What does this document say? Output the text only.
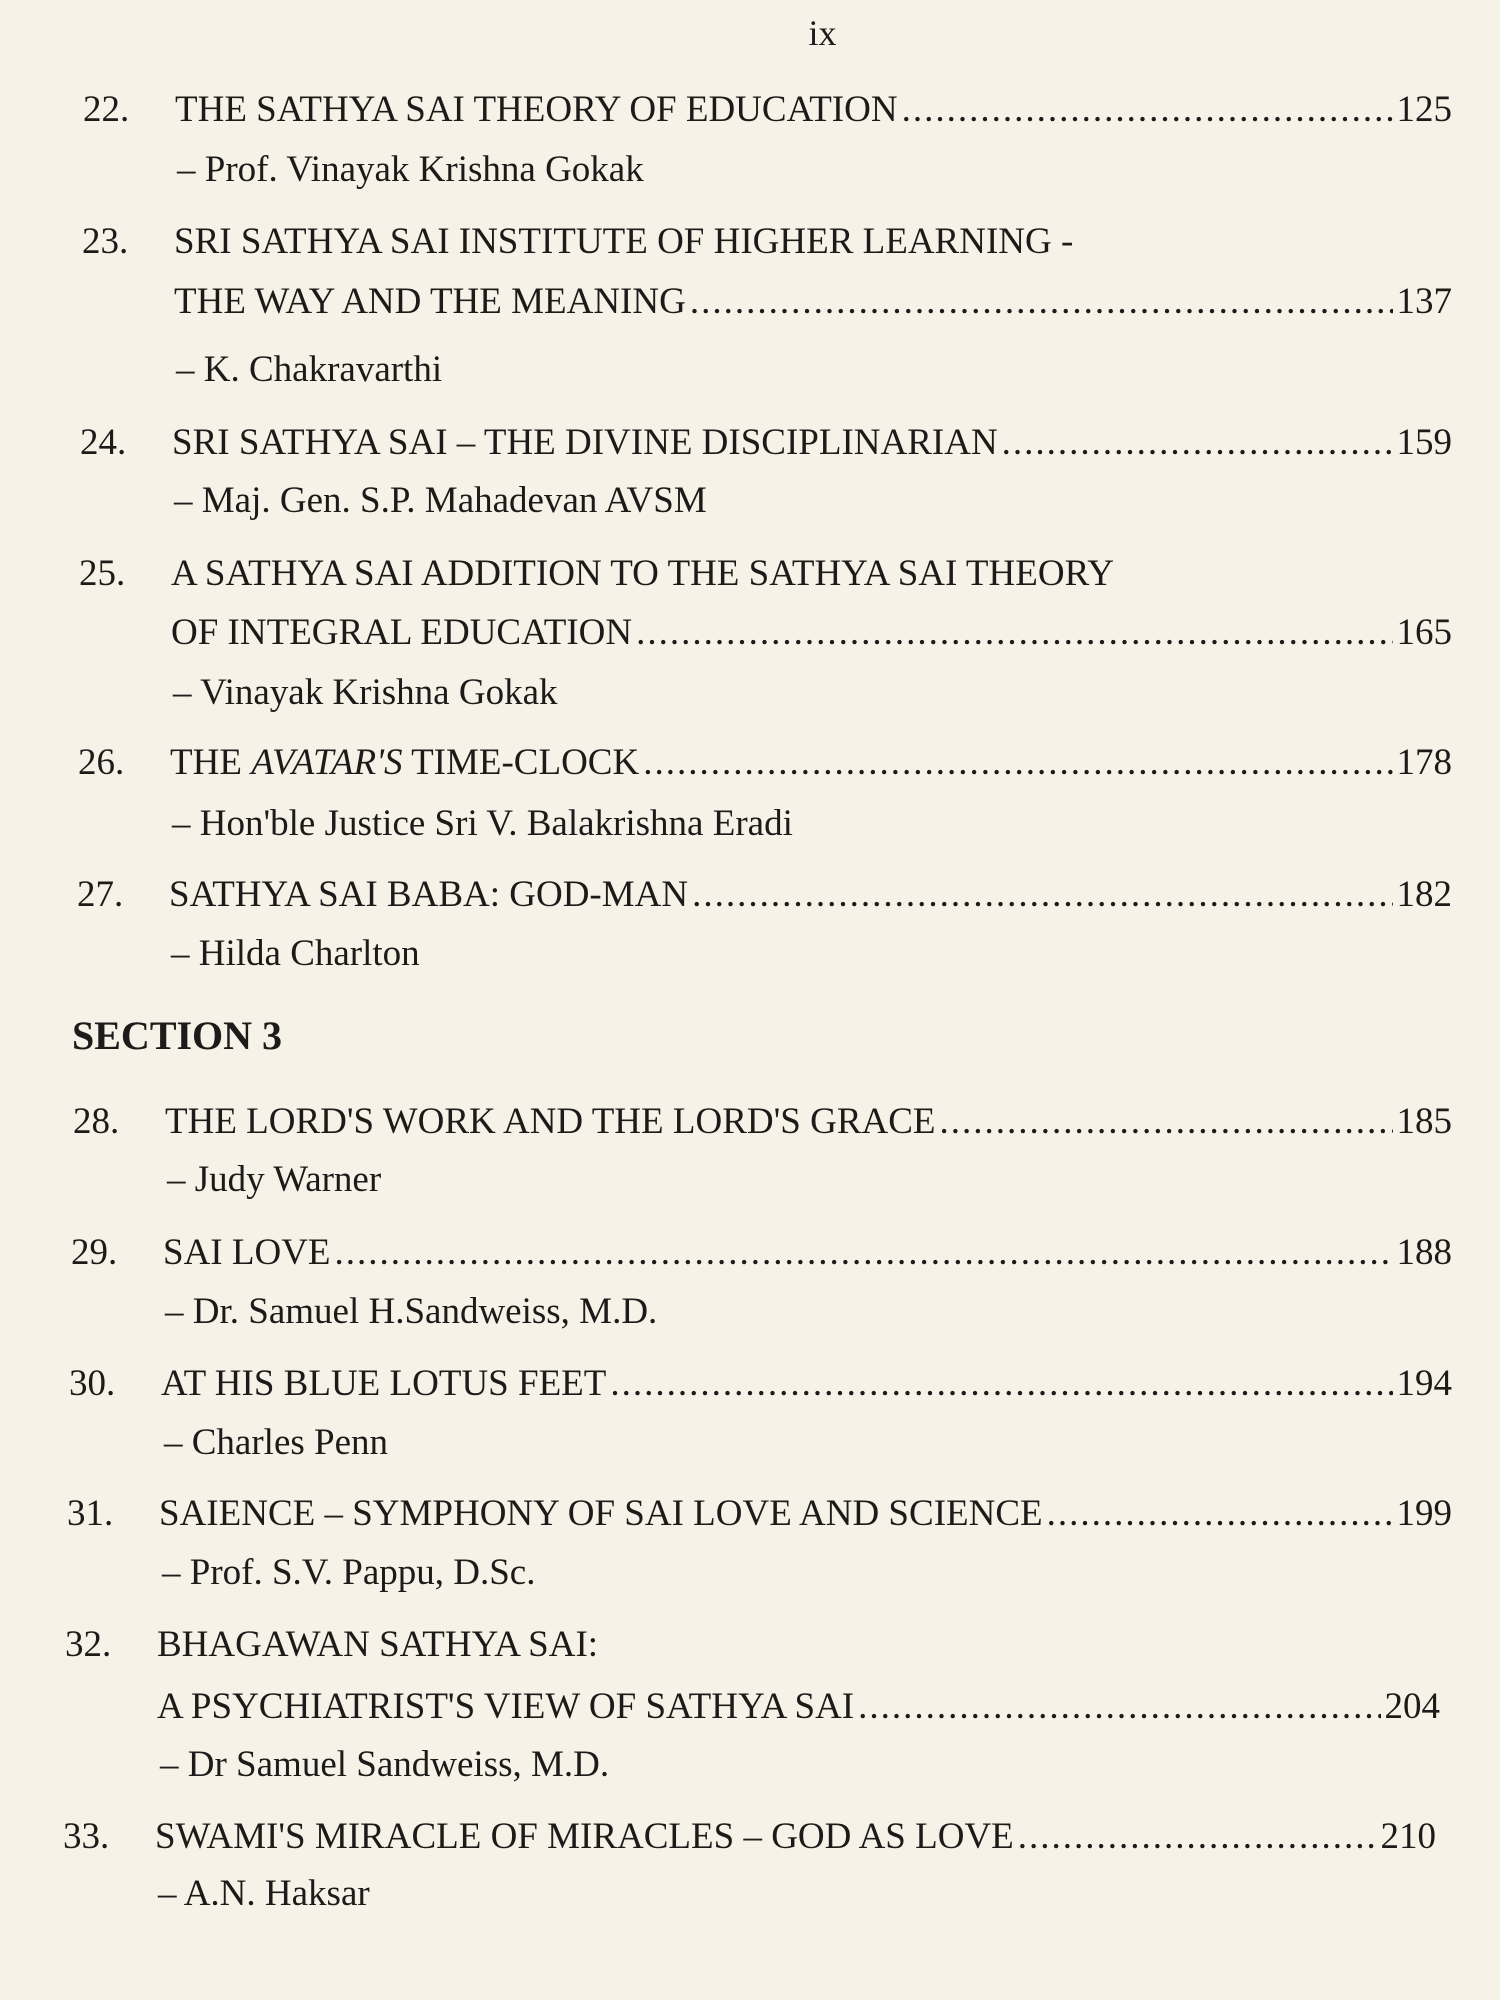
ix
22.	THE SATHYA SAI THEORY OF EDUCATION .....	125
– Prof. Vinayak Krishna Gokak
23.	SRI SATHYA SAI INSTITUTE OF HIGHER LEARNING -
THE WAY AND THE MEANING .....	137
– K. Chakravarthi
24.	SRI SATHYA SAI – THE DIVINE DISCIPLINARIAN .....	159
– Maj. Gen. S.P. Mahadevan AVSM
25.	A SATHYA SAI ADDITION TO THE SATHYA SAI THEORY
OF INTEGRAL EDUCATION .....	165
– Vinayak Krishna Gokak
26.	THE AVATAR'S TIME-CLOCK .....	178
– Hon'ble Justice Sri V. Balakrishna Eradi
27.	SATHYA SAI BABA: GOD-MAN .....	182
– Hilda Charlton
SECTION 3
28.	THE LORD'S WORK AND THE LORD'S GRACE .....	185
– Judy Warner
29.	SAI LOVE .....	188
– Dr. Samuel H.Sandweiss, M.D.
30.	AT HIS BLUE LOTUS FEET .....	194
– Charles Penn
31.	SAIENCE – SYMPHONY OF SAI LOVE AND SCIENCE .....	199
– Prof. S.V. Pappu, D.Sc.
32.	BHAGAWAN SATHYA SAI:
A PSYCHIATRIST'S VIEW OF SATHYA SAI .....	204
– Dr Samuel Sandweiss, M.D.
33.	SWAMI'S MIRACLE OF MIRACLES – GOD AS LOVE .....	210
– A.N. Haksar
